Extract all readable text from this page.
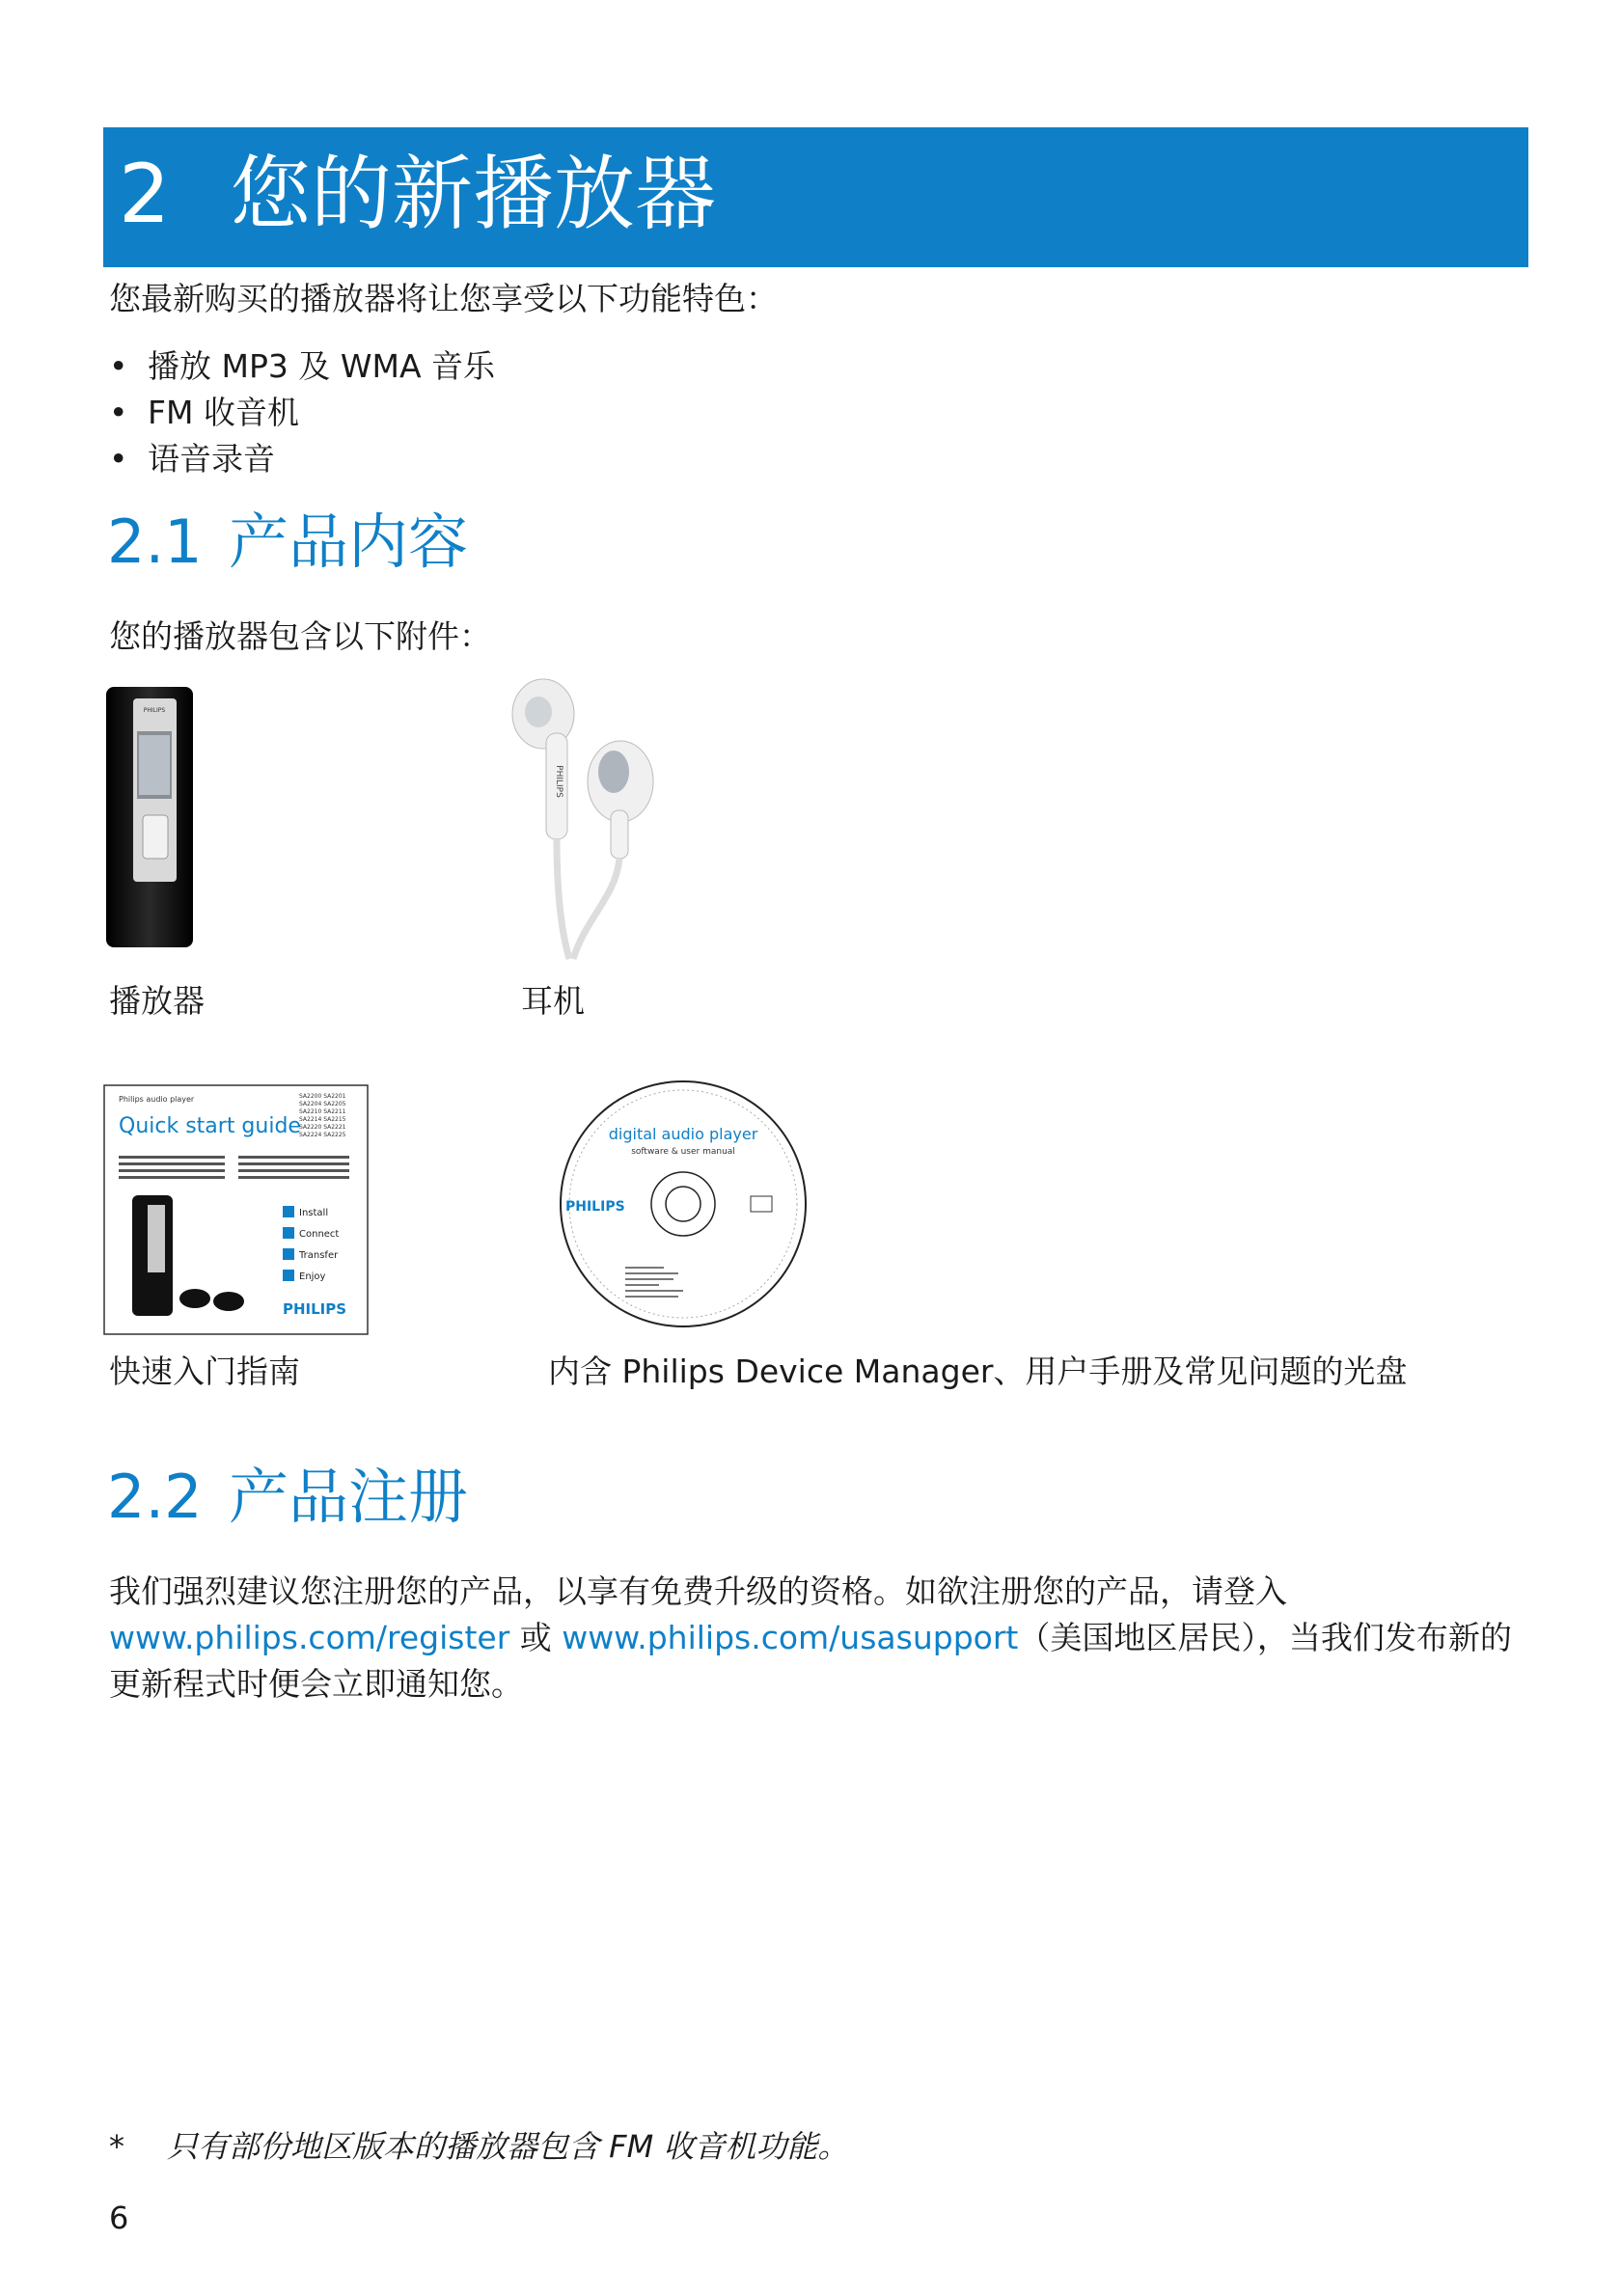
2 您的新播放器
您最新购买的播放器将让您享受以下功能特色：
• 播放 MP3 及 WMA 音乐
• FM 收音机
• 语音录音
2.1 产品内容
您的播放器包含以下附件：
PHILIPS
PHILIPS
播放器	耳机
Philips audio player
Quick start guide
SA2200 SA2201
SA2204 SA2205
SA2210 SA2211
SA2214 SA2215
SA2220 SA2221
SA2224 SA2225
Install
Connect
Transfer
Enjoy
PHILIPS
digital audio player
software & user manual
PHILIPS
快速入门指南	内含 Philips Device Manager、用户手册及常见问题的光盘
2.2 产品注册
我们强烈建议您注册您的产品，以享有免费升级的资格。如欲注册您的产品，请登入
www.philips.com/register 或 www.philips.com/usasupport（美国地区居民），当我们发布新的
更新程式时便会立即通知您。
* 只有部份地区版本的播放器包含 FM 收音机功能。
6
